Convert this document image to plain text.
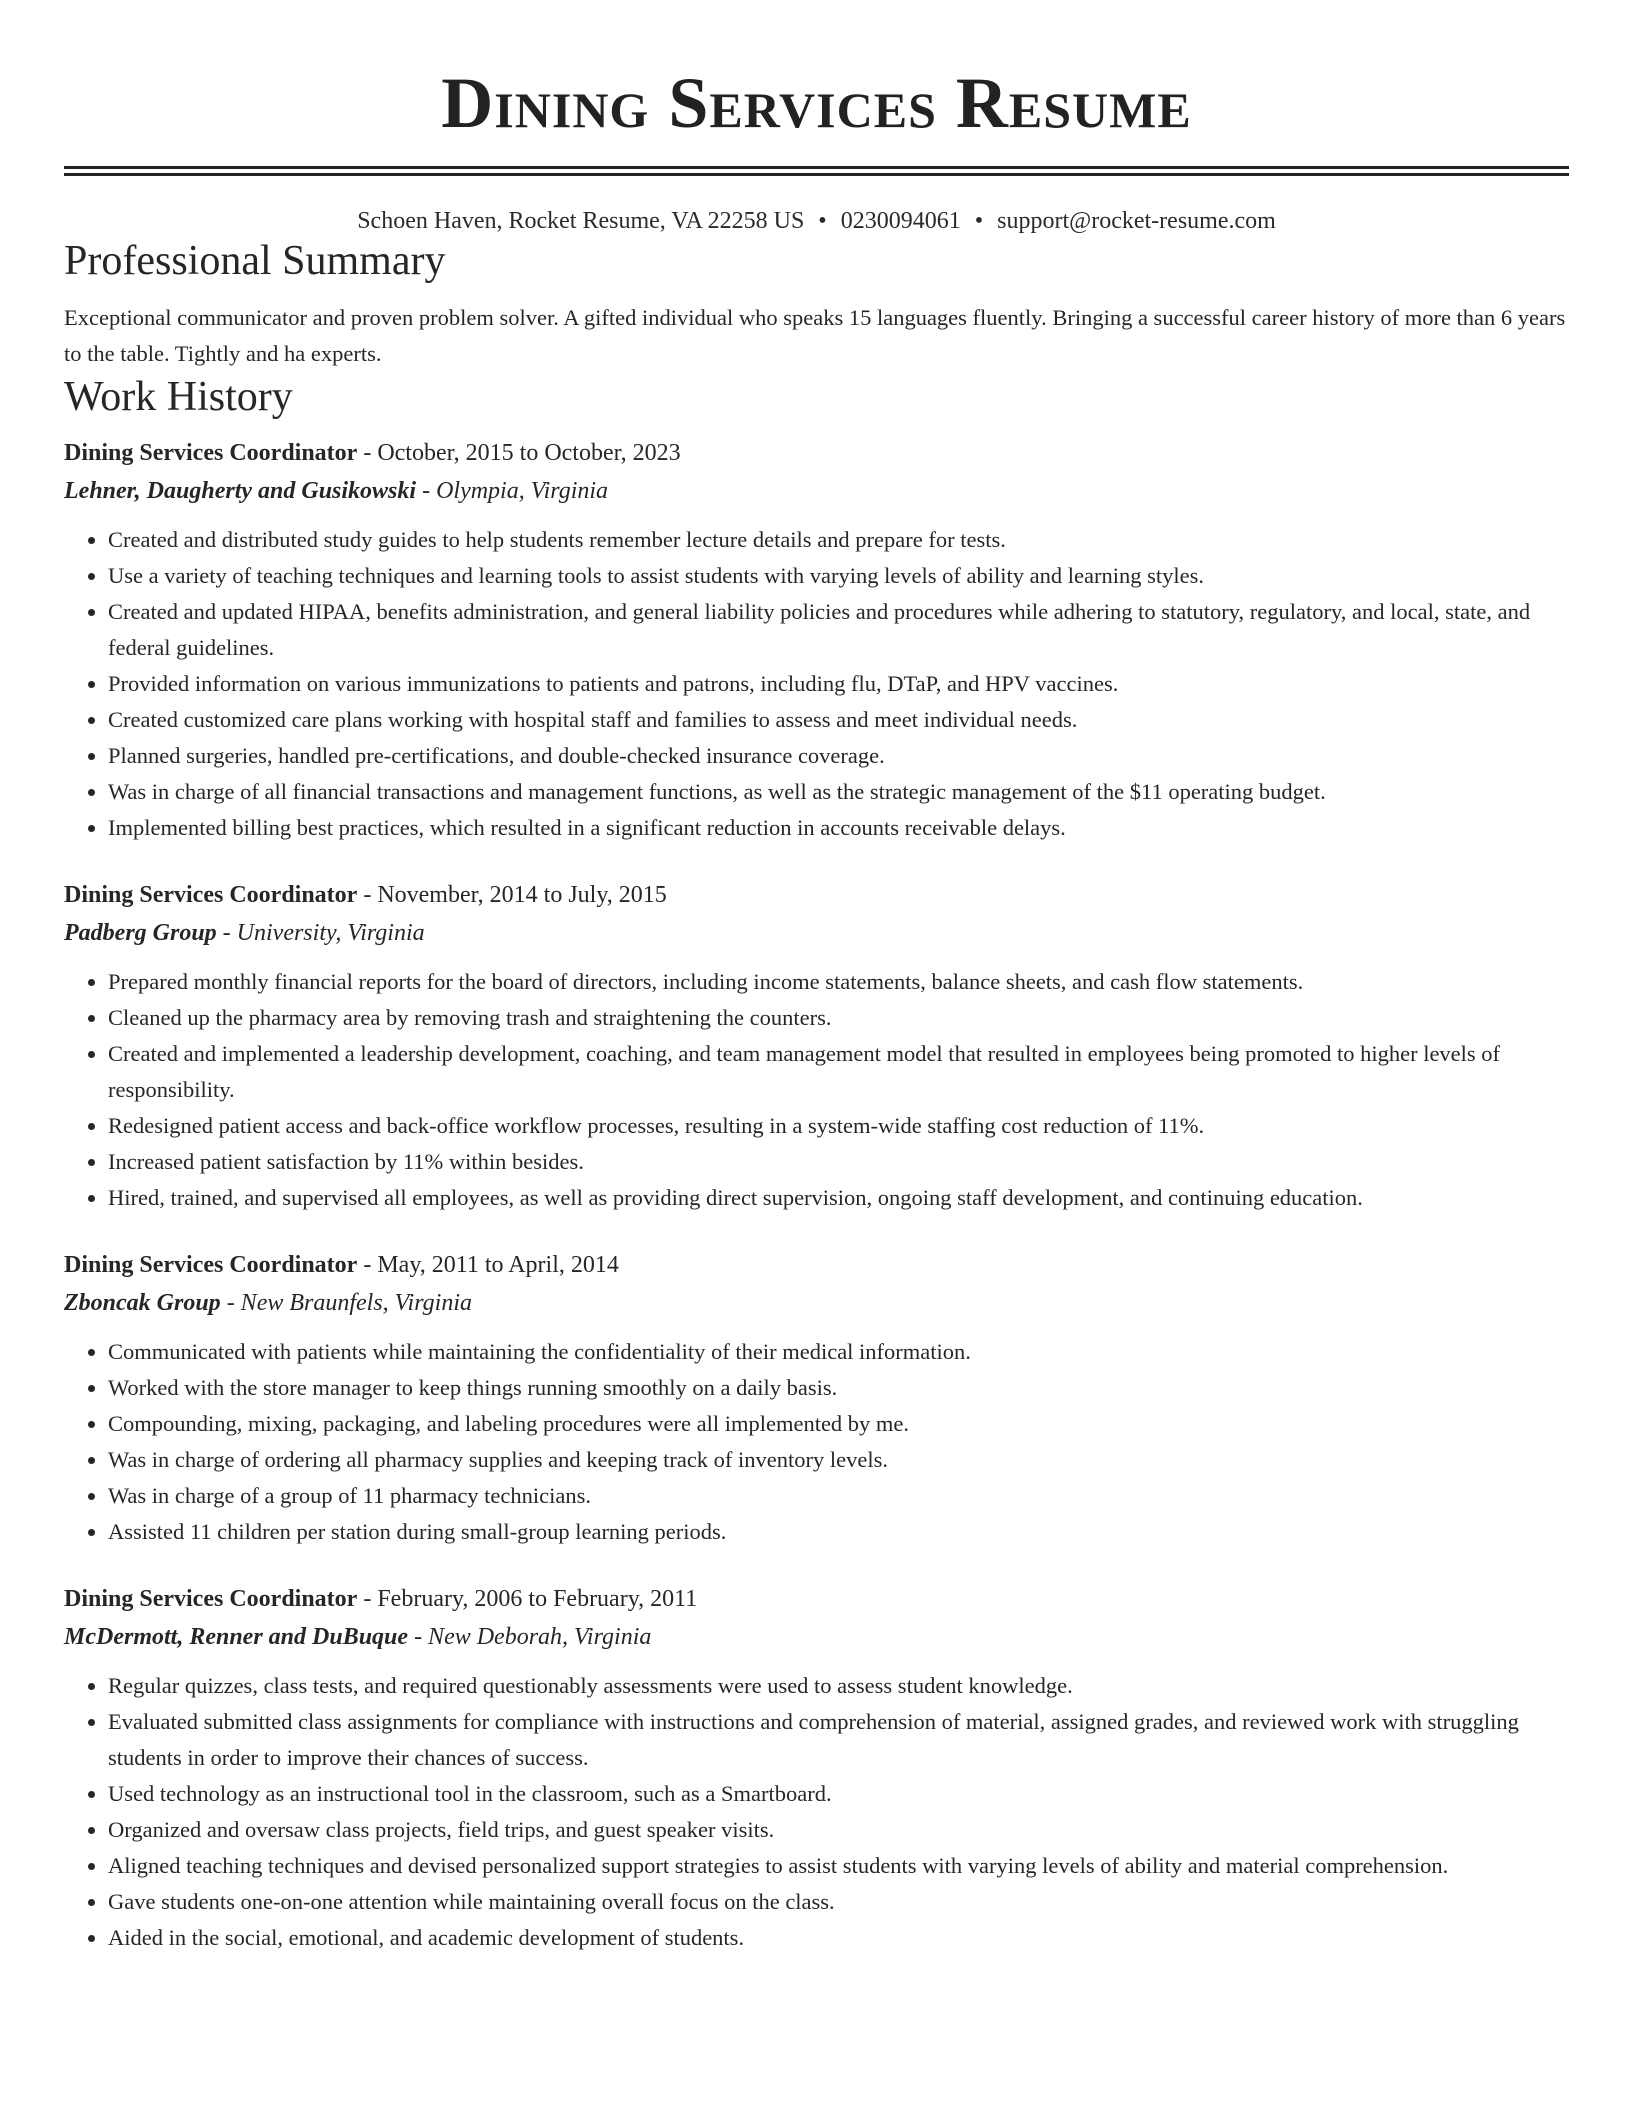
Dining Services Resume
Schoen Haven, Rocket Resume, VA 22258 US • 0230094061 • support@rocket-resume.com
Professional Summary
Exceptional communicator and proven problem solver. A gifted individual who speaks 15 languages fluently. Bringing a successful career history of more than 6 years to the table. Tightly and ha experts.
Work History
Dining Services Coordinator - October, 2015 to October, 2023
Lehner, Daugherty and Gusikowski - Olympia, Virginia
• Created and distributed study guides to help students remember lecture details and prepare for tests.
• Use a variety of teaching techniques and learning tools to assist students with varying levels of ability and learning styles.
• Created and updated HIPAA, benefits administration, and general liability policies and procedures while adhering to statutory, regulatory, and local, state, and federal guidelines.
• Provided information on various immunizations to patients and patrons, including flu, DTaP, and HPV vaccines.
• Created customized care plans working with hospital staff and families to assess and meet individual needs.
• Planned surgeries, handled pre-certifications, and double-checked insurance coverage.
• Was in charge of all financial transactions and management functions, as well as the strategic management of the $11 operating budget.
• Implemented billing best practices, which resulted in a significant reduction in accounts receivable delays.
Dining Services Coordinator - November, 2014 to July, 2015
Padberg Group - University, Virginia
• Prepared monthly financial reports for the board of directors, including income statements, balance sheets, and cash flow statements.
• Cleaned up the pharmacy area by removing trash and straightening the counters.
• Created and implemented a leadership development, coaching, and team management model that resulted in employees being promoted to higher levels of responsibility.
• Redesigned patient access and back-office workflow processes, resulting in a system-wide staffing cost reduction of 11%.
• Increased patient satisfaction by 11% within besides.
• Hired, trained, and supervised all employees, as well as providing direct supervision, ongoing staff development, and continuing education.
Dining Services Coordinator - May, 2011 to April, 2014
Zboncak Group - New Braunfels, Virginia
• Communicated with patients while maintaining the confidentiality of their medical information.
• Worked with the store manager to keep things running smoothly on a daily basis.
• Compounding, mixing, packaging, and labeling procedures were all implemented by me.
• Was in charge of ordering all pharmacy supplies and keeping track of inventory levels.
• Was in charge of a group of 11 pharmacy technicians.
• Assisted 11 children per station during small-group learning periods.
Dining Services Coordinator - February, 2006 to February, 2011
McDermott, Renner and DuBuque - New Deborah, Virginia
• Regular quizzes, class tests, and required questionably assessments were used to assess student knowledge.
• Evaluated submitted class assignments for compliance with instructions and comprehension of material, assigned grades, and reviewed work with struggling students in order to improve their chances of success.
• Used technology as an instructional tool in the classroom, such as a Smartboard.
• Organized and oversaw class projects, field trips, and guest speaker visits.
• Aligned teaching techniques and devised personalized support strategies to assist students with varying levels of ability and material comprehension.
• Gave students one-on-one attention while maintaining overall focus on the class.
• Aided in the social, emotional, and academic development of students.
